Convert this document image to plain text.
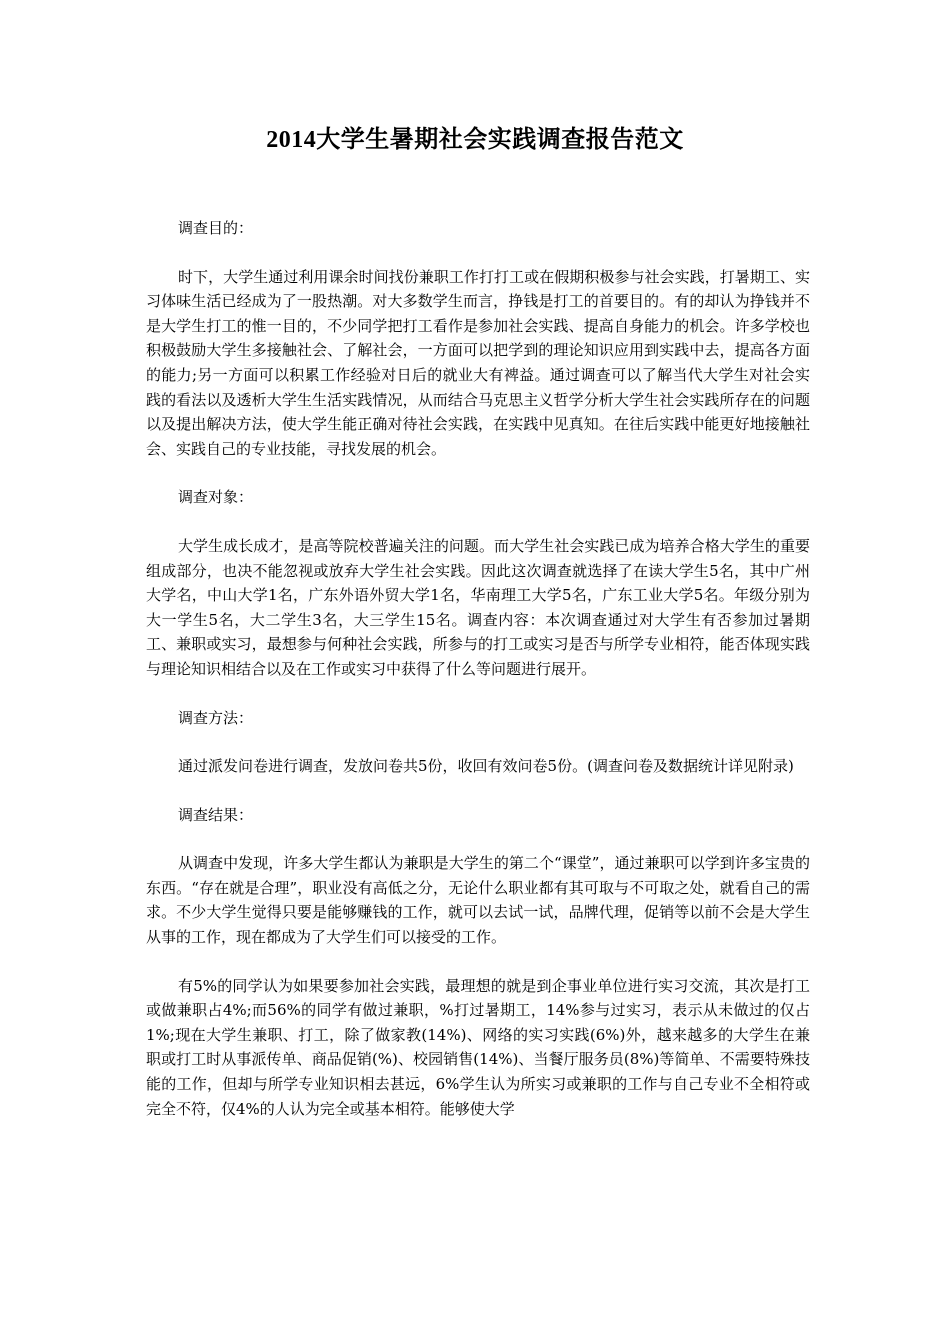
2014大学生暑期社会实践调查报告范文

调查目的：

时下，大学生通过利用课余时间找份兼职工作打打工或在假期积极参与社会实践，打暑期工、实习体味生活已经成为了一股热潮。对大多数学生而言，挣钱是打工的首要目的。有的却认为挣钱并不是大学生打工的惟一目的，不少同学把打工看作是参加社会实践、提高自身能力的机会。许多学校也积极鼓励大学生多接触社会、了解社会，一方面可以把学到的理论知识应用到实践中去，提高各方面的能力;另一方面可以积累工作经验对日后的就业大有裨益。通过调查可以了解当代大学生对社会实践的看法以及透析大学生生活实践情况，从而结合马克思主义哲学分析大学生社会实践所存在的问题以及提出解决方法，使大学生能正确对待社会实践，在实践中见真知。在往后实践中能更好地接触社会、实践自己的专业技能，寻找发展的机会。

调查对象：

大学生成长成才，是高等院校普遍关注的问题。而大学生社会实践已成为培养合格大学生的重要组成部分，也决不能忽视或放弃大学生社会实践。因此这次调查就选择了在读大学生5名，其中广州大学名，中山大学1名，广东外语外贸大学1名，华南理工大学5名，广东工业大学5名。年级分别为大一学生5名，大二学生3名，大三学生15名。调查内容：本次调查通过对大学生有否参加过暑期工、兼职或实习，最想参与何种社会实践，所参与的打工或实习是否与所学专业相符，能否体现实践与理论知识相结合以及在工作或实习中获得了什么等问题进行展开。

调查方法：

通过派发问卷进行调查，发放问卷共5份，收回有效问卷5份。(调查问卷及数据统计详见附录)

调查结果：

从调查中发现，许多大学生都认为兼职是大学生的第二个“课堂”，通过兼职可以学到许多宝贵的东西。“存在就是合理”，职业没有高低之分，无论什么职业都有其可取与不可取之处，就看自己的需求。不少大学生觉得只要是能够赚钱的工作，就可以去试一试，品牌代理，促销等以前不会是大学生从事的工作，现在都成为了大学生们可以接受的工作。

有5%的同学认为如果要参加社会实践，最理想的就是到企事业单位进行实习交流，其次是打工或做兼职占4%;而56%的同学有做过兼职，%打过暑期工，14%参与过实习，表示从未做过的仅占1%;现在大学生兼职、打工，除了做家教(14%)、网络的实习实践(6%)外，越来越多的大学生在兼职或打工时从事派传单、商品促销(%)、校园销售(14%)、当餐厅服务员(8%)等简单、不需要特殊技能的工作，但却与所学专业知识相去甚远，6%学生认为所实习或兼职的工作与自己专业不全相符或完全不符，仅4%的人认为完全或基本相符。能够使大学
